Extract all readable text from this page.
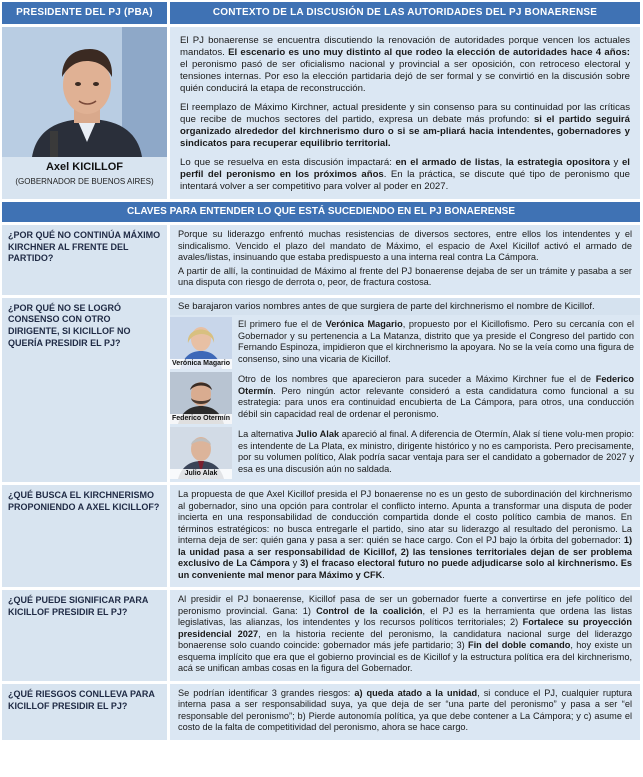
PRESIDENTE DEL PJ (PBA)	CONTEXTO DE LA DISCUSIÓN DE LAS AUTORIDADES DEL PJ BONAERENSE
Axel KICILLOF
(GOBERNADOR DE BUENOS AIRES)

El PJ bonaerense se encuentra discutiendo la renovación de autoridades porque vencen los actuales mandatos. El escenario es uno muy distinto al que rodeo la elección de autoridades hace 4 años: el peronismo pasó de ser oficialismo nacional y provincial a ser oposición, con retroceso electoral y tensiones internas. Por eso la elección partidaria dejó de ser formal y se convirtió en la discusión sobre quién conducirá la etapa de reconstrucción.

El reemplazo de Máximo Kirchner, actual presidente y sin consenso para su continuidad por las críticas que recibe de muchos sectores del partido, expresa un debate más profundo: si el partido seguirá organizado alrededor del kirchnerismo duro o si se am-pliará hacia intendentes, gobernadores y sindicatos para recuperar equilibrio territorial.

Lo que se resuelva en esta discusión impactará: en el armado de listas, la estrategia opositora y el perfil del peronismo en los próximos años. En la práctica, se discute qué tipo de peronismo que intentará volver a ser competitivo para volver al poder en 2027.

CLAVES PARA ENTENDER LO QUE ESTÁ SUCEDIENDO EN EL PJ BONAERENSE
¿POR QUÉ NO CONTINÚA MÁXIMO KIRCHNER AL FRENTE DEL PARTIDO?

Porque su liderazgo enfrentó muchas resistencias de diversos sectores, entre ellos los intendentes y el sindicalismo. Vencido el plazo del mandato de Máximo, el espacio de Axel Kicillof activó el armado de avales/listas, insinuando que estaba predispuesto a una interna real contra La Cámpora.

A partir de allí, la continuidad de Máximo al frente del PJ bonaerense dejaba de ser un trámite y pasaba a ser una disputa con riesgo de derrota o, peor, de fractura costosa.

¿POR QUÉ NO SE LOGRÓ CONSENSO CON OTRO DIRIGENTE, SI KICILLOF NO QUERÍA PRESIDIR EL PJ?
Se barajaron varios nombres antes de que surgiera de parte del kirchnerismo el nombre de Kicillof.
Verónica Magario
El primero fue el de Verónica Magario, propuesto por el Kicillofismo. Pero su cercanía con el Gobernador y su pertenencia a La Matanza, distrito que ya preside el Congreso del partido con Fernando Espinoza, impidieron que el kirchnerismo la apoyara. No se la veía como una figura de consenso, sino una vicaria de Kicillof.
Federico Otermín
Otro de los nombres que aparecieron para suceder a Máximo Kirchner fue el de Federico Otermín. Pero ningún actor relevante consideró a esta candidatura como funcional a su estrategia: para unos era continuidad encubierta de La Cámpora, para otros, una conducción débil sin capacidad real de ordenar el peronismo.
Julio Alak
La alternativa Julio Alak apareció al final. A diferencia de Otermín, Alak sí tiene volu-men propio: es intendente de La Plata, ex ministro, dirigente histórico y no es camporista. Pero precisamente, por su volumen político, Alak podría sacar ventaja para ser el candidato a gobernador de 2027 y esa es una discusión aún no saldada.
¿QUÉ BUSCA EL KIRCHNERISMO PROPONIENDO A AXEL KICILLOF?

La propuesta de que Axel Kicillof presida el PJ bonaerense no es un gesto de subordinación del kirchnerismo al gobernador, sino una opción para controlar el conflicto interno. Apunta a transformar una disputa de poder incierta en una responsabilidad de conducción compartida donde el costo político cambia de manos. En términos estratégicos: no busca entregarle el partido, sino atar su liderazgo al resultado del peronismo. La interna deja de ser: quién gana y pasa a ser: quién se hace cargo. Con el PJ bajo la órbita del gobernador: 1) la unidad pasa a ser responsabilidad de Kicillof, 2) las tensiones territoriales dejan de ser problema exclusivo de La Cámpora y 3) el fracaso electoral futuro no puede adjudicarse solo al kirchnerismo. Es un conveniente mal menor para Máximo y CFK.

¿QUÉ PUEDE SIGNIFICAR PARA KICILLOF PRESIDIR EL PJ?

Al presidir el PJ bonaerense, Kicillof pasa de ser un gobernador fuerte a convertirse en jefe político del peronismo provincial. Gana: 1) Control de la coalición, el PJ es la herramienta que ordena las listas legislativas, las alianzas, los intendentes y los recursos políticos territoriales; 2) Fortalece su proyección presidencial 2027, en la historia reciente del peronismo, la candidatura nacional surge del liderazgo bonaerense solo cuando coincide: gobernador más jefe partidario; 3) Fin del doble comando, hoy existe un esquema implícito que era que el gobierno provincial es de Kicillof y la estructura política era del kirchnerismo, acá se unifican ambas cosas en la figura del Gobernador.

¿QUÉ RIESGOS CONLLEVA PARA KICILLOF PRESIDIR EL PJ?

Se podrían identificar 3 grandes riesgos: a) queda atado a la unidad, si conduce el PJ, cualquier ruptura interna pasa a ser responsabilidad suya, ya que deja de ser “una parte del peronismo” y pasa a ser “el responsable del peronismo”; b) Pierde autonomía política, ya que debe contener a La Cámpora; y c) asume el costo de la falta de competitividad del peronismo, ahora se hace cargo.
